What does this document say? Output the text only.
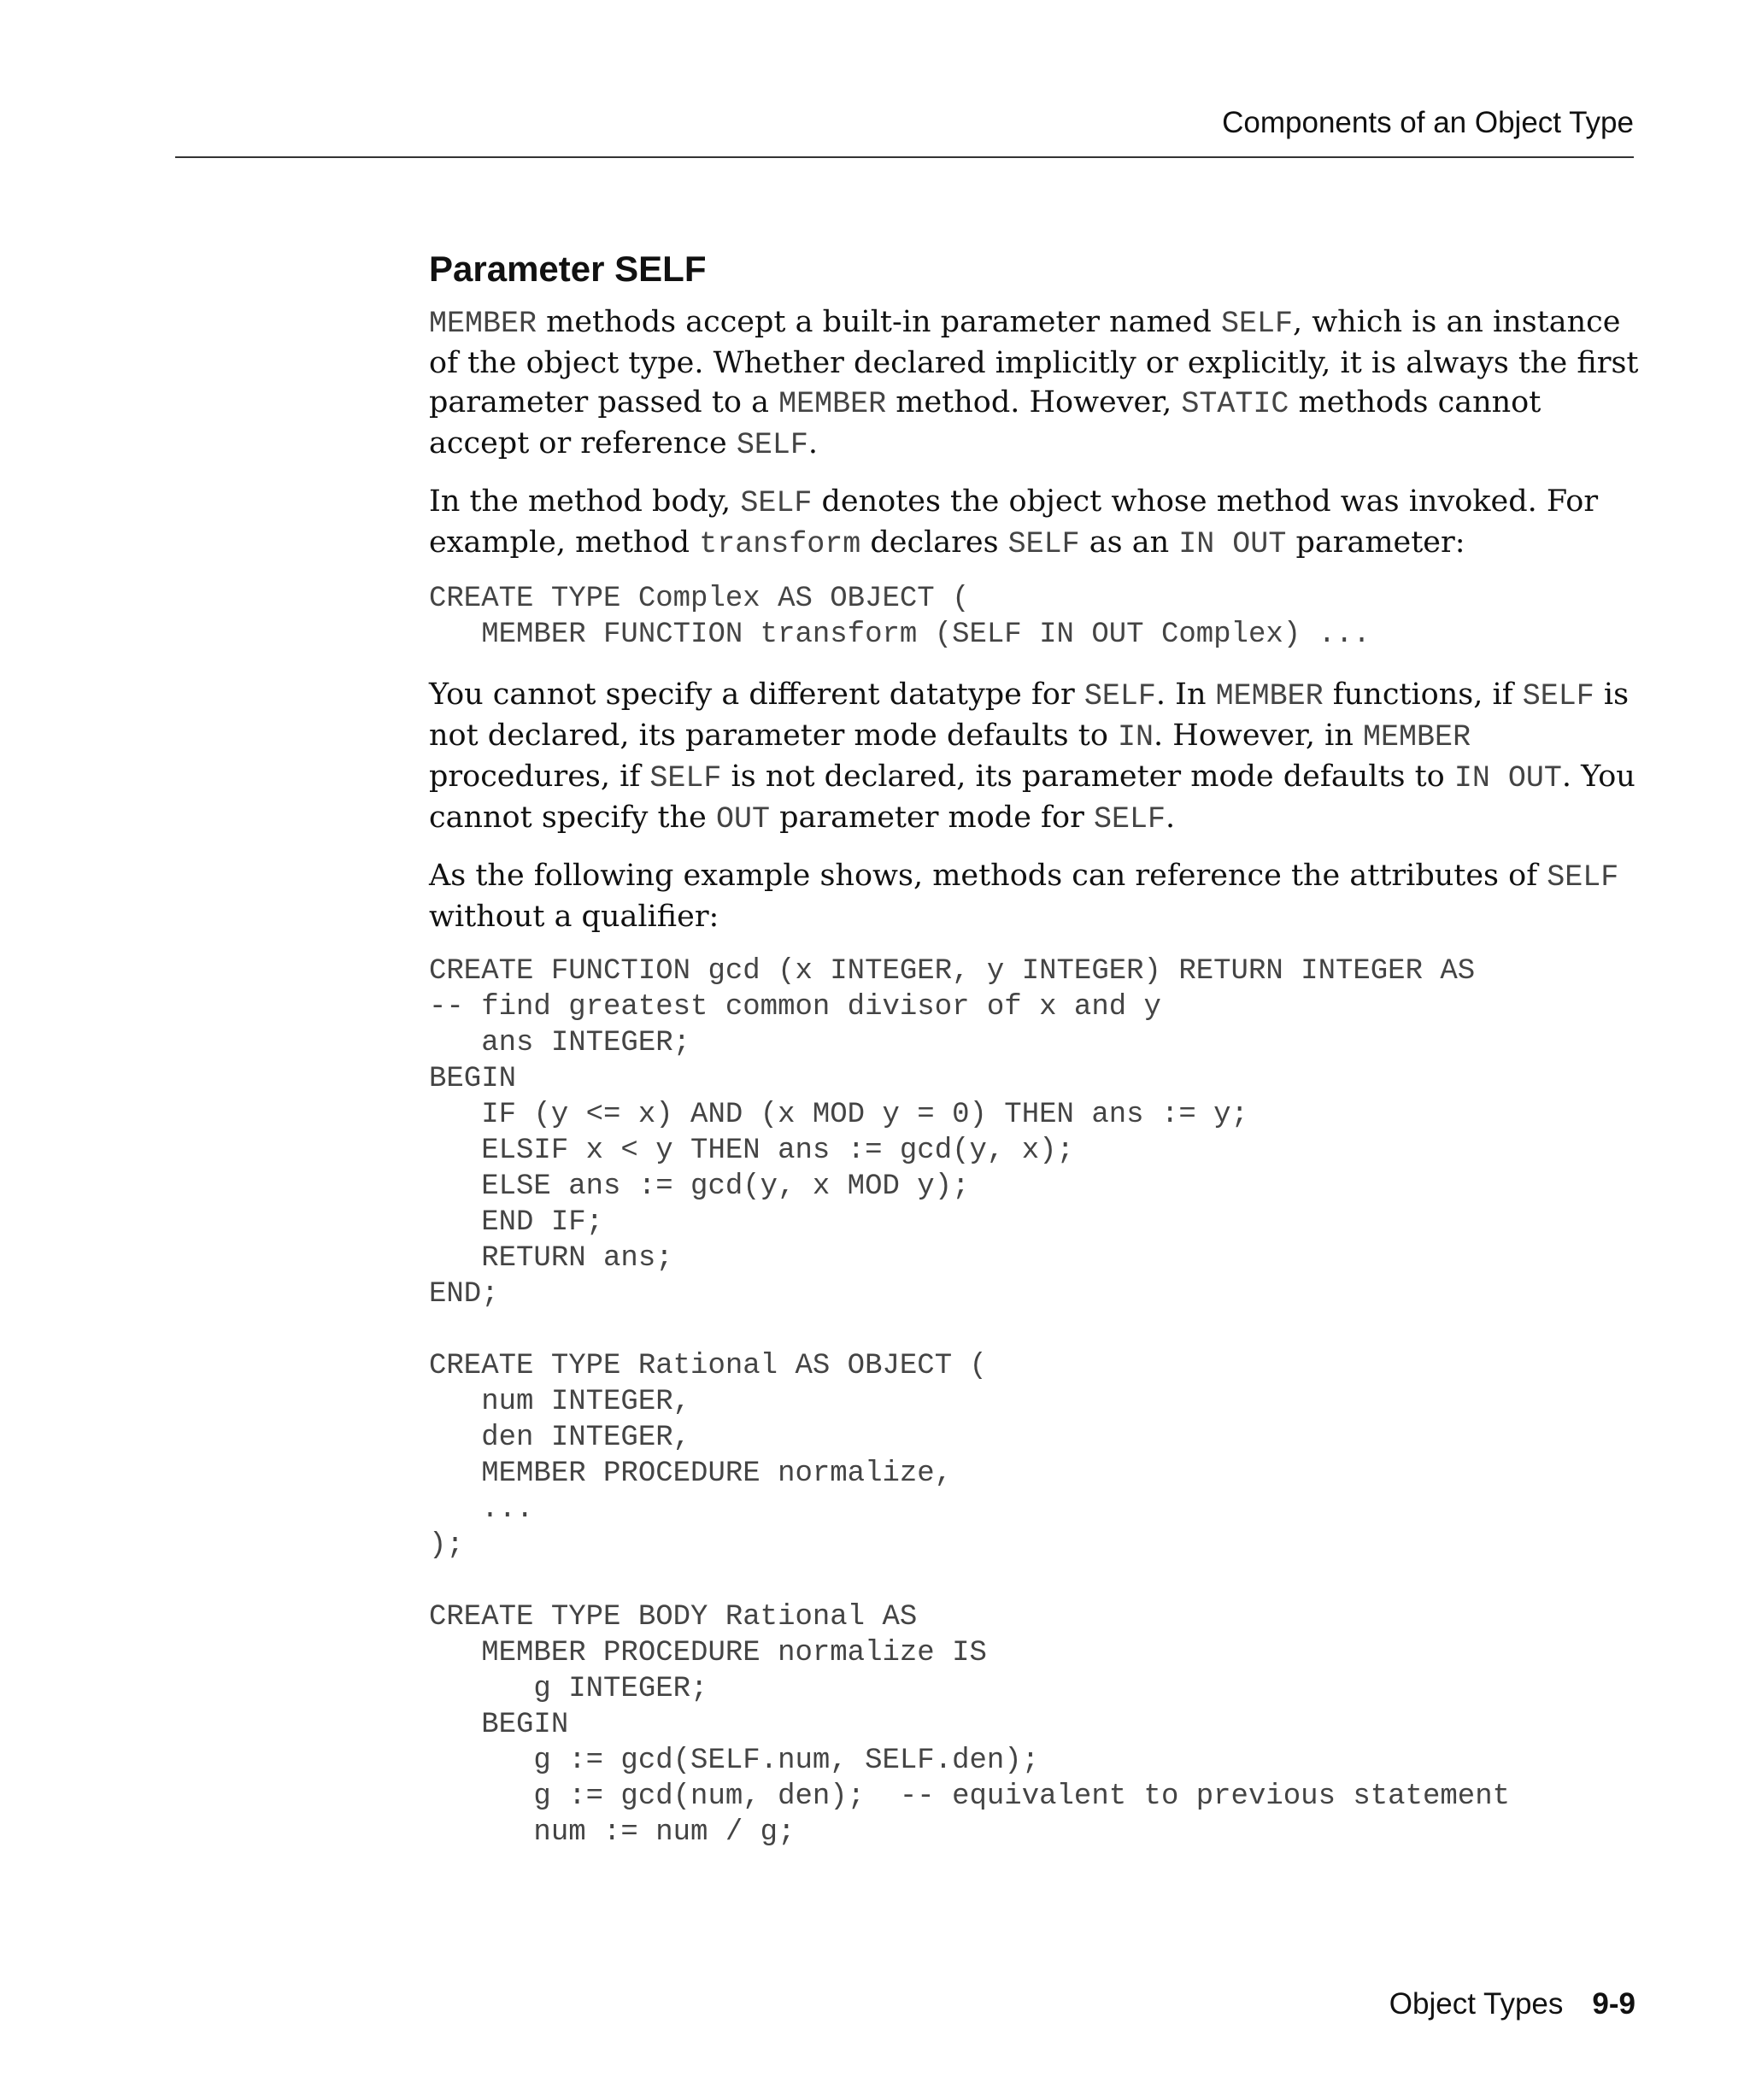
Components of an Object Type
Parameter SELF

MEMBER methods accept a built-in parameter named SELF, which is an instance of the object type. Whether declared implicitly or explicitly, it is always the first parameter passed to a MEMBER method. However, STATIC methods cannot accept or reference SELF.

In the method body, SELF denotes the object whose method was invoked. For example, method transform declares SELF as an IN OUT parameter:

CREATE TYPE Complex AS OBJECT (
MEMBER FUNCTION transform (SELF IN OUT Complex) ...

You cannot specify a different datatype for SELF. In MEMBER functions, if SELF is not declared, its parameter mode defaults to IN. However, in MEMBER procedures, if SELF is not declared, its parameter mode defaults to IN OUT. You cannot specify the OUT parameter mode for SELF.

As the following example shows, methods can reference the attributes of SELF without a qualifier:

CREATE FUNCTION gcd (x INTEGER, y INTEGER) RETURN INTEGER AS
-- find greatest common divisor of x and y
ans INTEGER;
BEGIN
IF (y <= x) AND (x MOD y = 0) THEN ans := y;
ELSIF x < y THEN ans := gcd(y, x);
ELSE ans := gcd(y, x MOD y);
END IF;
RETURN ans;
END;

CREATE TYPE Rational AS OBJECT (
num INTEGER,
den INTEGER,
MEMBER PROCEDURE normalize,
...
);

CREATE TYPE BODY Rational AS
MEMBER PROCEDURE normalize IS
g INTEGER;
BEGIN
g := gcd(SELF.num, SELF.den);
g := gcd(num, den);  -- equivalent to previous statement
num := num / g;
Object Types 9-9
